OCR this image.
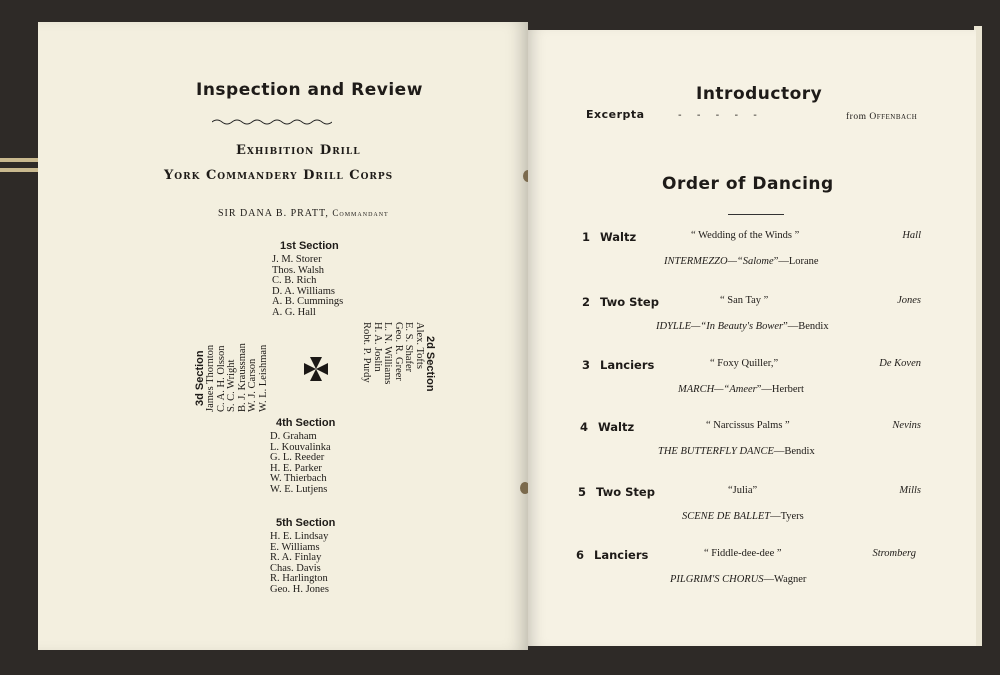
Inspection and Review
Exhibition Drill
York Commandery Drill Corps
SIR DANA B. PRATT, Commandant
1st Section
J. M. Storer
Thos. Walsh
C. B. Rich
D. A. Williams
A. B. Cummings
A. G. Hall
3d Section James Thornton C. A. H. Olsson S. C. Wright B. J. Kraussman W. J. Carson W. L. Leishman	2d Section
Alex. Tofts
E. S. Shafer
Geo. R. Greer
L. N. Williams
H. A. Joslin
Robt. P. Purdy
4th Section
D. Graham
L. Kouvalinka
G. L. Reeder
H. E. Parker
W. Thierbach
W. E. Lutjens
5th Section
H. E. Lindsay
E. Williams
R. A. Finlay
Chas. Davis
R. Harlington
Geo. H. Jones
Introductory
Excerpta	-    -    -    -    -	from Offenbach
Order of Dancing
1 Waltz	“ Wedding of the Winds ”	Hall
INTERMEZZO—“Salome”—Lorane
2 Two Step	“ San Tay ”	Jones
IDYLLE—“In Beauty's Bower”—Bendix
3 Lanciers	“ Foxy Quiller,”	De Koven
MARCH—“Ameer”—Herbert
4 Waltz	“ Narcissus Palms ”	Nevins
THE BUTTERFLY DANCE—Bendix
5 Two Step	“Julia”	Mills
SCENE DE BALLET—Tyers
6 Lanciers	“ Fiddle-dee-dee ”	Stromberg
PILGRIM'S CHORUS—Wagner
